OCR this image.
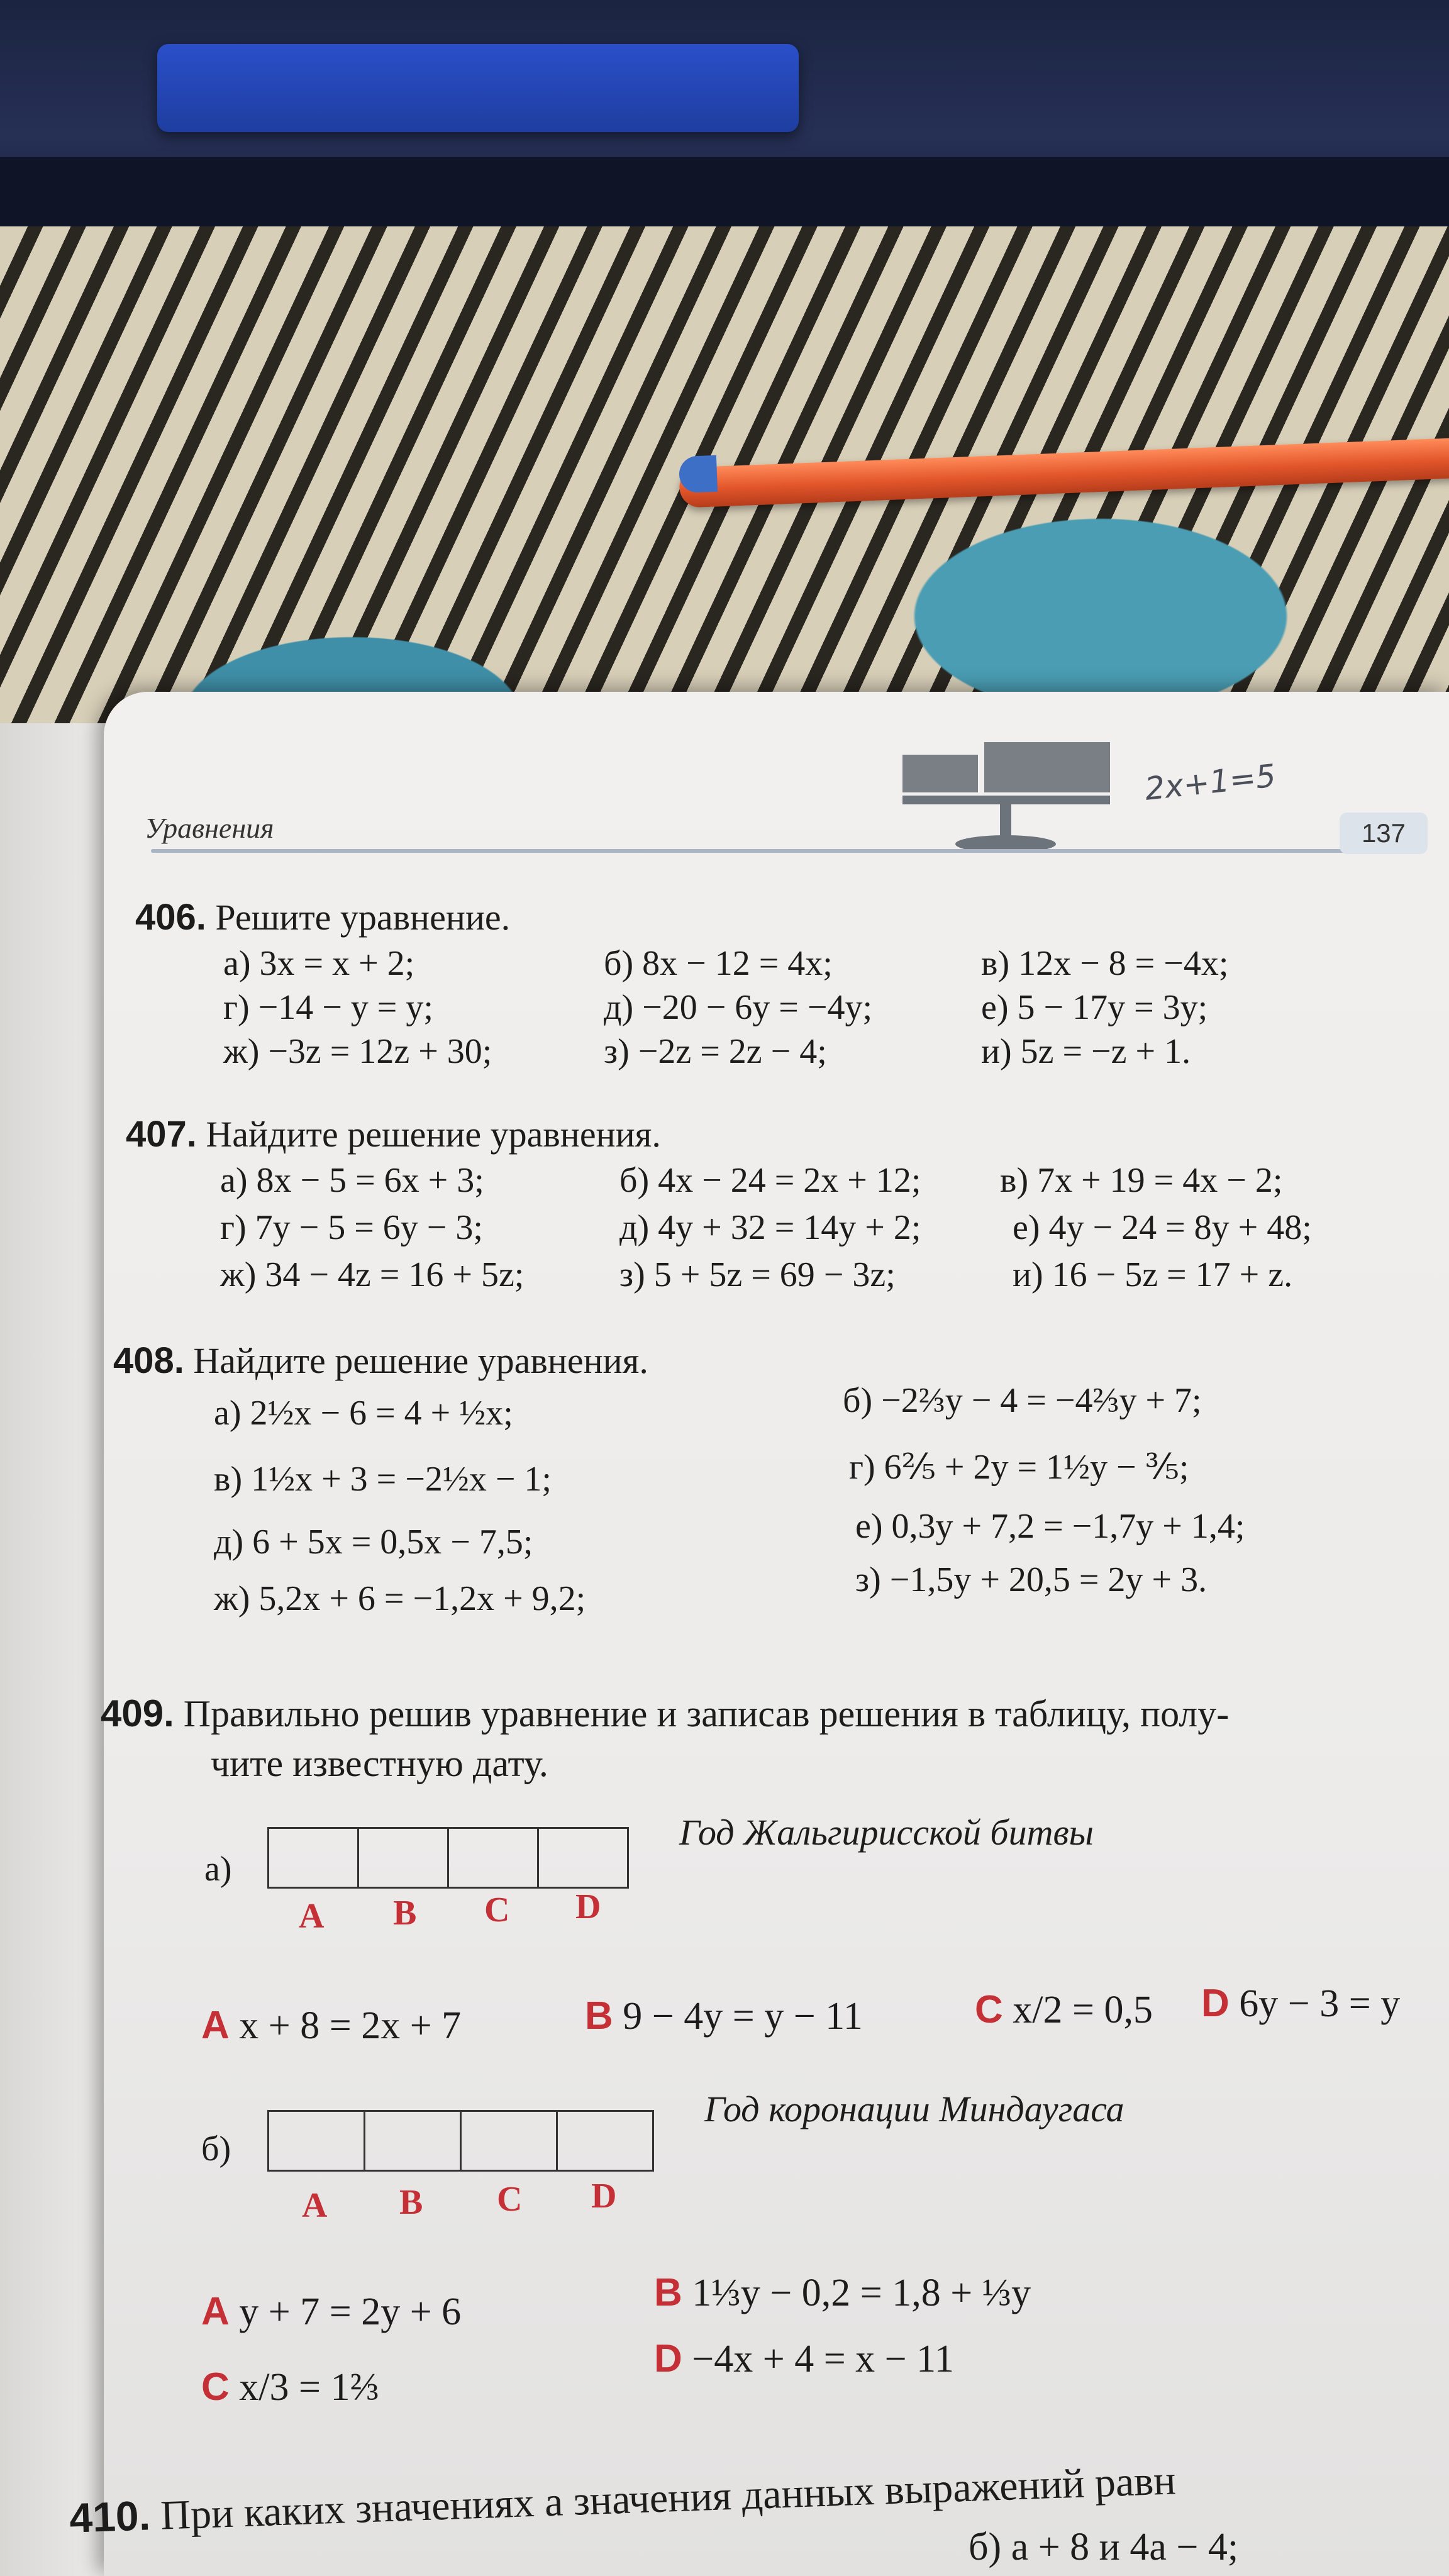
2x+1=5
Уравнения	137
406. Решите уравнение.
а) 3x = x + 2;	б) 8x − 12 = 4x;	в) 12x − 8 = −4x;
г) −14 − y = y;	д) −20 − 6y = −4y;	е) 5 − 17y = 3y;
ж) −3z = 12z + 30;	з) −2z = 2z − 4;	и) 5z = −z + 1.
407. Найдите решение уравнения.
а) 8x − 5 = 6x + 3;	б) 4x − 24 = 2x + 12; в) 7x + 19 = 4x − 2;
г) 7y − 5 = 6y − 3;	д) 4y + 32 = 14y + 2;	е) 4y − 24 = 8y + 48;
ж) 34 − 4z = 16 + 5z;	з) 5 + 5z = 69 − 3z;	и) 16 − 5z = 17 + z.
408. Найдите решение уравнения.
а) 2½x − 6 = 4 + ½x;	б) −2⅔y − 4 = −4⅔y + 7;
в) 1½x + 3 = −2½x − 1;	г) 6⅖ + 2y = 1½y − ⅗;
д) 6 + 5x = 0,5x − 7,5;	е) 0,3y + 7,2 = −1,7y + 1,4;
ж) 5,2x + 6 = −1,2x + 9,2;	з) −1,5y + 20,5 = 2y + 3.
409. Правильно решив уравнение и записав решения в таблицу, полу-
чите известную дату.
а)
A B C D
Год Жальгирисской битвы
A x + 8 = 2x + 7	B 9 − 4y = y − 11	C x/2 = 0,5 D 6y − 3 = y
б)
A B C D
Год коронации Миндаугаса
A y + 7 = 2y + 6	B 1⅓y − 0,2 = 1,8 + ⅓y
C x/3 = 1⅔
D −4x + 4 = x − 11
410. При каких значениях a значения данных выражений равн
б) a + 8 и 4a − 4;
